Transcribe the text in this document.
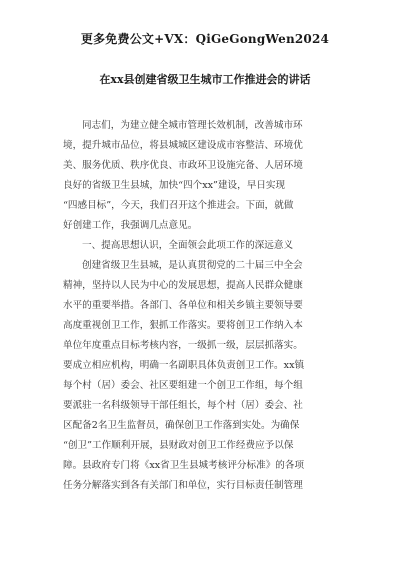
更多免费公文+VX：QiGeGongWen2024
在xx县创建省级卫生城市工作推进会的讲话
同志们，为建立健全城市管理长效机制，改善城市环
境，提升城市品位，将县城城区建设成市容整洁、环境优
美、服务优质、秩序优良、市政环卫设施完备、人居环境
良好的省级卫生县城，加快“四个xx”建设，早日实现
“四感目标”，今天，我们召开这个推进会。下面，就做
好创建工作，我强调几点意见。
一、提高思想认识，全面领会此项工作的深远意义
创建省级卫生县城，是认真贯彻党的二十届三中全会
精神，坚持以人民为中心的发展思想，提高人民群众健康
水平的重要举措。各部门、各单位和相关乡镇主要领导要
高度重视创卫工作，狠抓工作落实。要将创卫工作纳入本
单位年度重点目标考核内容，一级抓一级，层层抓落实。
要成立相应机构，明确一名副职具体负责创卫工作。xx镇
每个村（居）委会、社区要组建一个创卫工作组，每个组
要派驻一名科级领导干部任组长，每个村（居）委会、社
区配备2名卫生监督员，确保创卫工作落到实处。为确保
“创卫”工作顺利开展，县财政对创卫工作经费应予以保
障。县政府专门将《xx省卫生县城考核评分标准》的各项
任务分解落实到各有关部门和单位，实行目标责任制管理
